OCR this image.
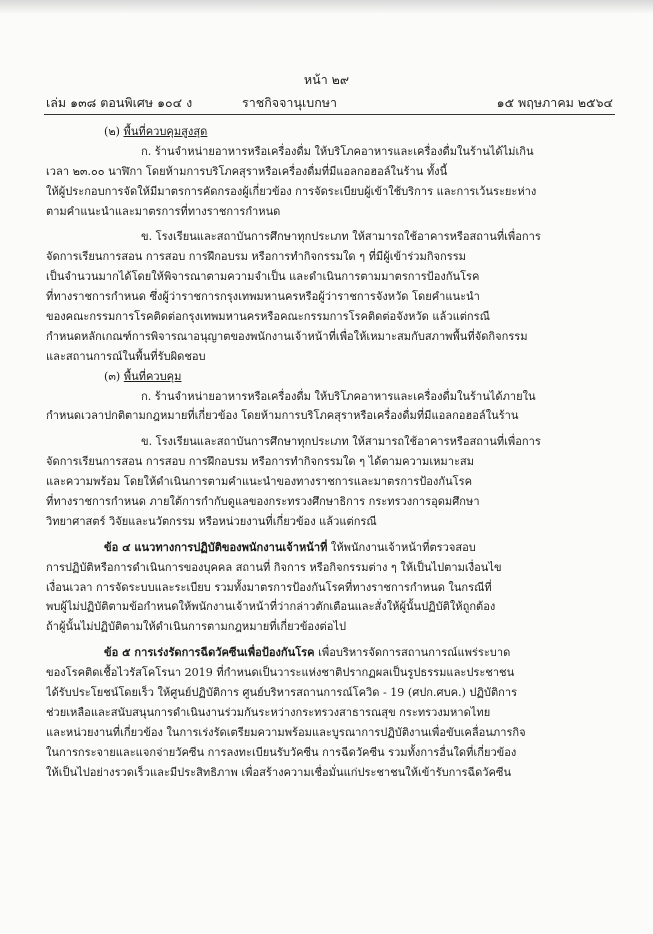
หน้า ๒๙
เล่ม ๑๓๘ ตอนพิเศษ ๑๐๔ ง	ราชกิจจานุเบกษา	๑๕ พฤษภาคม ๒๕๖๔
(๒) พื้นที่ควบคุมสูงสุด
ก. ร้านจำหน่ายอาหารหรือเครื่องดื่ม ให้บริโภคอาหารและเครื่องดื่มในร้านได้ไม่เกิน
เวลา ๒๓.๐๐ นาฬิกา โดยห้ามการบริโภคสุราหรือเครื่องดื่มที่มีแอลกอฮอล์ในร้าน ทั้งนี้
ให้ผู้ประกอบการจัดให้มีมาตรการคัดกรองผู้เกี่ยวข้อง การจัดระเบียบผู้เข้าใช้บริการ และการเว้นระยะห่าง
ตามคำแนะนำและมาตรการที่ทางราชการกำหนด
ข. โรงเรียนและสถาบันการศึกษาทุกประเภท ให้สามารถใช้อาคารหรือสถานที่เพื่อการ
จัดการเรียนการสอน การสอบ การฝึกอบรม หรือการทำกิจกรรมใด ๆ ที่มีผู้เข้าร่วมกิจกรรม
เป็นจำนวนมากได้โดยให้พิจารณาตามความจำเป็น และดำเนินการตามมาตรการป้องกันโรค
ที่ทางราชการกำหนด ซึ่งผู้ว่าราชการกรุงเทพมหานครหรือผู้ว่าราชการจังหวัด โดยคำแนะนำ
ของคณะกรรมการโรคติดต่อกรุงเทพมหานครหรือคณะกรรมการโรคติดต่อจังหวัด แล้วแต่กรณี
กำหนดหลักเกณฑ์การพิจารณาอนุญาตของพนักงานเจ้าหน้าที่เพื่อให้เหมาะสมกับสภาพพื้นที่จัดกิจกรรม
และสถานการณ์ในพื้นที่รับผิดชอบ
(๓) พื้นที่ควบคุม
ก. ร้านจำหน่ายอาหารหรือเครื่องดื่ม ให้บริโภคอาหารและเครื่องดื่มในร้านได้ภายใน
กำหนดเวลาปกติตามกฎหมายที่เกี่ยวข้อง โดยห้ามการบริโภคสุราหรือเครื่องดื่มที่มีแอลกอฮอล์ในร้าน
ข. โรงเรียนและสถาบันการศึกษาทุกประเภท ให้สามารถใช้อาคารหรือสถานที่เพื่อการ
จัดการเรียนการสอน การสอบ การฝึกอบรม หรือการทำกิจกรรมใด ๆ ได้ตามความเหมาะสม
และความพร้อม โดยให้ดำเนินการตามคำแนะนำของทางราชการและมาตรการป้องกันโรค
ที่ทางราชการกำหนด ภายใต้การกำกับดูแลของกระทรวงศึกษาธิการ กระทรวงการอุดมศึกษา
วิทยาศาสตร์ วิจัยและนวัตกรรม หรือหน่วยงานที่เกี่ยวข้อง แล้วแต่กรณี
ข้อ ๔ แนวทางการปฏิบัติของพนักงานเจ้าหน้าที่ ให้พนักงานเจ้าหน้าที่ตรวจสอบ
การปฏิบัติหรือการดำเนินการของบุคคล สถานที่ กิจการ หรือกิจกรรมต่าง ๆ ให้เป็นไปตามเงื่อนไข
เงื่อนเวลา การจัดระบบและระเบียบ รวมทั้งมาตรการป้องกันโรคที่ทางราชการกำหนด ในกรณีที่
พบผู้ไม่ปฏิบัติตามข้อกำหนดให้พนักงานเจ้าหน้าที่ว่ากล่าวตักเตือนและสั่งให้ผู้นั้นปฏิบัติให้ถูกต้อง
ถ้าผู้นั้นไม่ปฏิบัติตามให้ดำเนินการตามกฎหมายที่เกี่ยวข้องต่อไป
ข้อ ๕ การเร่งรัดการฉีดวัคซีนเพื่อป้องกันโรค เพื่อบริหารจัดการสถานการณ์แพร่ระบาด
ของโรคติดเชื้อไวรัสโคโรนา 2019 ที่กำหนดเป็นวาระแห่งชาติปรากฏผลเป็นรูปธรรมและประชาชน
ได้รับประโยชน์โดยเร็ว ให้ศูนย์ปฏิบัติการ ศูนย์บริหารสถานการณ์โควิด - 19 (ศปก.ศบค.) ปฏิบัติการ
ช่วยเหลือและสนับสนุนการดำเนินงานร่วมกันระหว่างกระทรวงสาธารณสุข กระทรวงมหาดไทย
และหน่วยงานที่เกี่ยวข้อง ในการเร่งรัดเตรียมความพร้อมและบูรณาการปฏิบัติงานเพื่อขับเคลื่อนภารกิจ
ในการกระจายและแจกจ่ายวัคซีน การลงทะเบียนรับวัคซีน การฉีดวัคซีน รวมทั้งการอื่นใดที่เกี่ยวข้อง
ให้เป็นไปอย่างรวดเร็วและมีประสิทธิภาพ เพื่อสร้างความเชื่อมั่นแก่ประชาชนให้เข้ารับการฉีดวัคซีน
